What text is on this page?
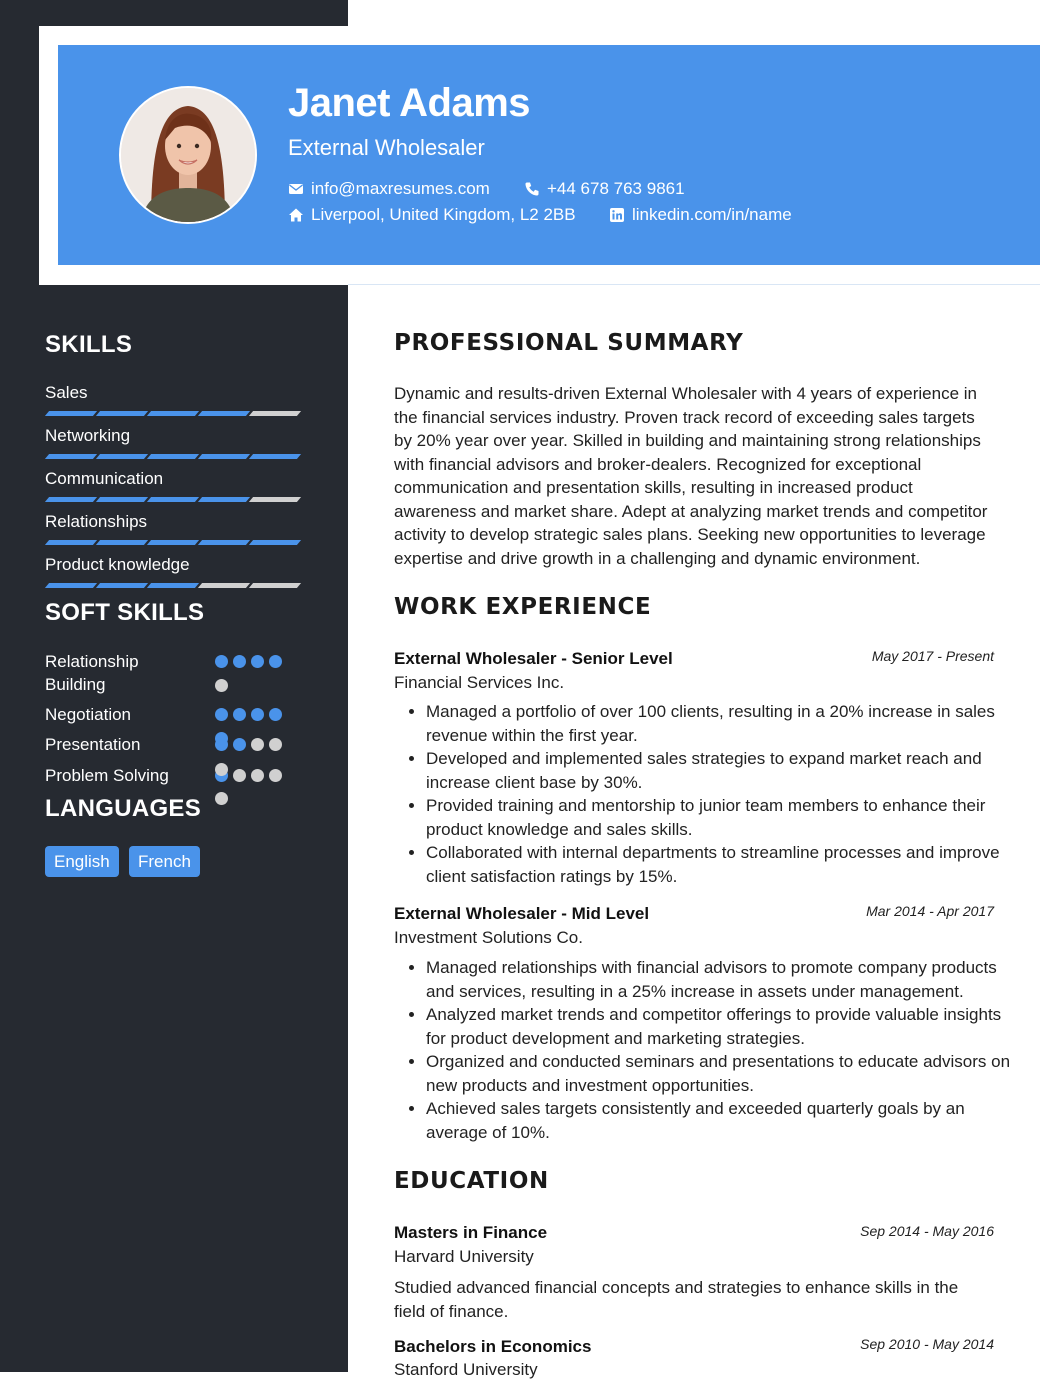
Janet Adams
External Wholesaler
info@maxresumes.com	+44 678 763 9861
Liverpool, United Kingdom, L2 2BB	linkedin.com/in/name
SKILLS
Sales
Networking
Communication
Relationships
Product knowledge
SOFT SKILLS
Relationship Building
Negotiation
Presentation
Problem Solving
LANGUAGES
English	French
PROFESSIONAL SUMMARY
Dynamic and results-driven External Wholesaler with 4 years of experience in the financial services industry. Proven track record of exceeding sales targets by 20% year over year. Skilled in building and maintaining strong relationships with financial advisors and broker-dealers. Recognized for exceptional communication and presentation skills, resulting in increased product awareness and market share. Adept at analyzing market trends and competitor activity to develop strategic sales plans. Seeking new opportunities to leverage expertise and drive growth in a challenging and dynamic environment.
WORK EXPERIENCE
External Wholesaler - Senior Level	May 2017 - Present
Financial Services Inc.
• Managed a portfolio of over 100 clients, resulting in a 20% increase in sales revenue within the first year.
• Developed and implemented sales strategies to expand market reach and increase client base by 30%.
• Provided training and mentorship to junior team members to enhance their product knowledge and sales skills.
• Collaborated with internal departments to streamline processes and improve client satisfaction ratings by 15%.
External Wholesaler - Mid Level	Mar 2014 - Apr 2017
Investment Solutions Co.
• Managed relationships with financial advisors to promote company products and services, resulting in a 25% increase in assets under management.
• Analyzed market trends and competitor offerings to provide valuable insights for product development and marketing strategies.
• Organized and conducted seminars and presentations to educate advisors on new products and investment opportunities.
• Achieved sales targets consistently and exceeded quarterly goals by an average of 10%.
EDUCATION
Masters in Finance	Sep 2014 - May 2016
Harvard University
Studied advanced financial concepts and strategies to enhance skills in the field of finance.
Bachelors in Economics	Sep 2010 - May 2014
Stanford University
